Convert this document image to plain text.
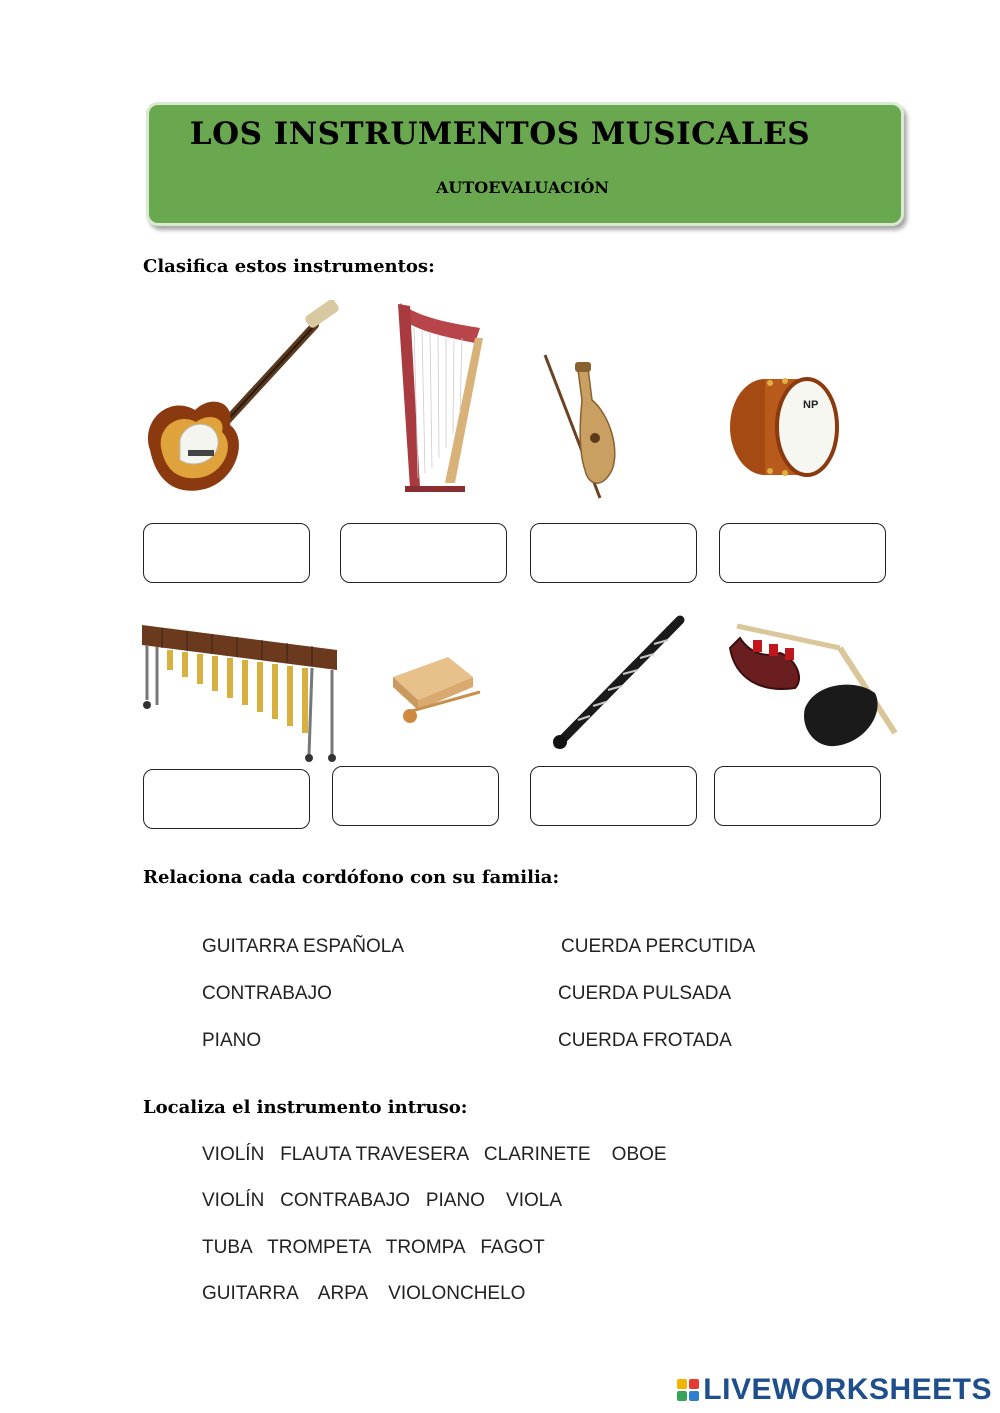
LOS INSTRUMENTOS MUSICALES
AUTOEVALUACIÓN
Clasifica estos instrumentos:
NP
Relaciona cada cordófono con su familia:
GUITARRA ESPAÑOLA
CONTRABAJO
PIANO
CUERDA PERCUTIDA
CUERDA PULSADA
CUERDA FROTADA
Localiza el instrumento intruso:
VIOLÍN   FLAUTA TRAVESERA   CLARINETE    OBOE
VIOLÍN   CONTRABAJO   PIANO    VIOLA
TUBA   TROMPETA   TROMPA   FAGOT
GUITARRA    ARPA    VIOLONCHELO
LIVEWORKSHEETS
